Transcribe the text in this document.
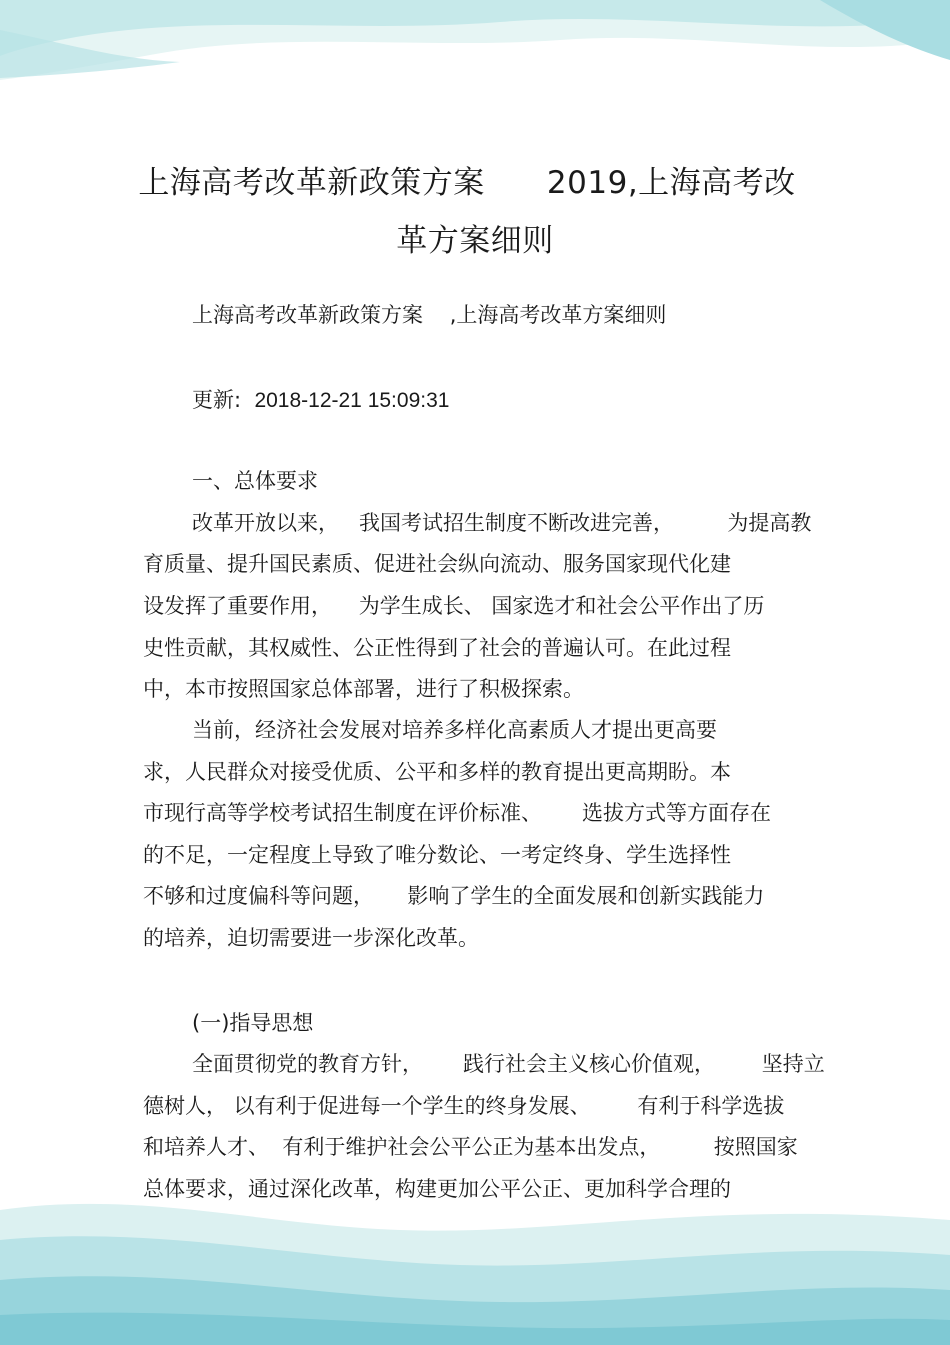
上海高考改革新政策方案      2019,上海高考改
革方案细则

上海高考改革新政策方案    ,上海高考改革方案细则

更新:  2018-12-21 15:09:31

一、总体要求

改革开放以来，   我国考试招生制度不断改进完善，        为提高教

育质量、提升国民素质、促进社会纵向流动、服务国家现代化建

设发挥了重要作用，    为学生成长、 国家选才和社会公平作出了历

史性贡献，其权威性、公正性得到了社会的普遍认可。在此过程

中，本市按照国家总体部署，进行了积极探索。

当前，经济社会发展对培养多样化高素质人才提出更高要

求，人民群众对接受优质、公平和多样的教育提出更高期盼。本

市现行高等学校考试招生制度在评价标准、      选拔方式等方面存在

的不足，一定程度上导致了唯分数论、一考定终身、学生选择性

不够和过度偏科等问题，     影响了学生的全面发展和创新实践能力

的培养，迫切需要进一步深化改革。

(一)指导思想

全面贯彻党的教育方针，      践行社会主义核心价值观，       坚持立

德树人， 以有利于促进每一个学生的终身发展、       有利于科学选拔

和培养人才、  有利于维护社会公平公正为基本出发点，        按照国家

总体要求，通过深化改革，构建更加公平公正、更加科学合理的
